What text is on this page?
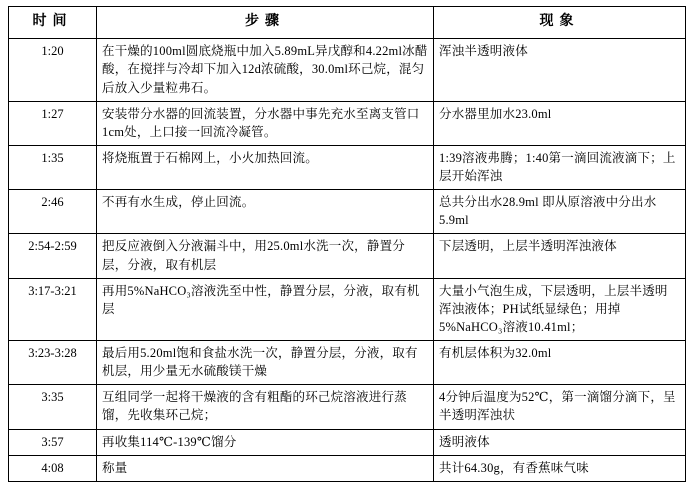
时间	步骤	现象
1:20	在干燥的100ml圆底烧瓶中加入5.89mL异戊醇和4.22ml冰醋酸，在搅拌与冷却下加入12d浓硫酸，30.0ml环己烷，混匀后放入少量粒弗石。	浑浊半透明液体
1:27	安装带分水器的回流装置，分水器中事先充水至离支管口1cm处，上口接一回流冷凝管。	分水器里加水23.0ml
1:35	将烧瓶置于石棉网上，小火加热回流。	1:39溶液弗腾；1:40第一滴回流液滴下；上层开始浑浊
2:46	不再有水生成，停止回流。	总共分出水28.9ml 即从原溶液中分出水5.9ml
2:54-2:59	把反应液倒入分液漏斗中，用25.0ml水洗一次，静置分层，分液，取有机层	下层透明，上层半透明浑浊液体
3:17-3:21	再用5%NaHCO₃溶液洗至中性，静置分层，分液，取有机层	大量小气泡生成，下层透明，上层半透明浑浊液体；PH试纸显绿色；用掉5%NaHCO₃溶液10.41ml；
3:23-3:28	最后用5.20ml饱和食盐水洗一次，静置分层，分液，取有机层，用少量无水硫酸镁干燥	有机层体积为32.0ml
3:35	互组同学一起将干燥液的含有粗酯的环己烷溶液进行蒸馏，先收集环己烷；	4分钟后温度为52℃，第一滴馏分滴下，呈半透明浑浊状
3:57	再收集114℃-139℃馏分	透明液体
4:08	称量	共计64.30g，有香蕉味气味
